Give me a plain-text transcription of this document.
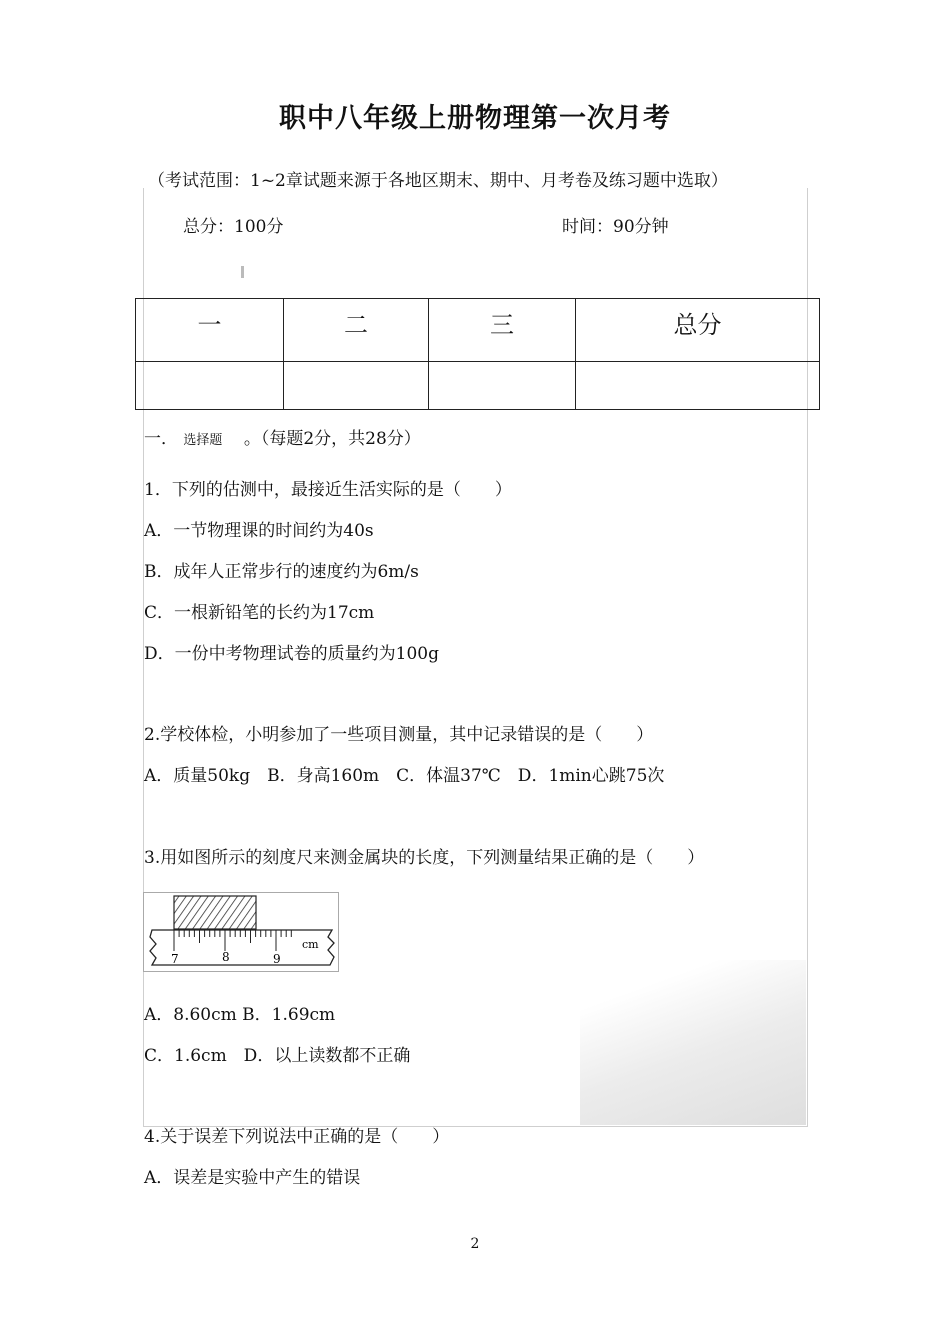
职中八年级上册物理第一次月考
（考试范围：1~2章试题来源于各地区期末、期中、月考卷及练习题中选取）
总分：100分	时间：90分钟
一	二	三	总分

一． 选择题 。（每题2分，共28分）
1．下列的估测中，最接近生活实际的是（　　）
A．一节物理课的时间约为40s
B．成年人正常步行的速度约为6m/s
C．一根新铅笔的长约为17cm
D．一份中考物理试卷的质量约为100g
2.学校体检，小明参加了一些项目测量，其中记录错误的是（　　）
A．质量50kg　B．身高160m　C．体温37℃　D．1min心跳75次
3.用如图所示的刻度尺来测金属块的长度，下列测量结果正确的是（　　）
7	8	9
cm
A．8.60cm B．1.69cm
C．1.6cm　D．以上读数都不正确
4.关于误差下列说法中正确的是（　　）
A．误差是实验中产生的错误
2
